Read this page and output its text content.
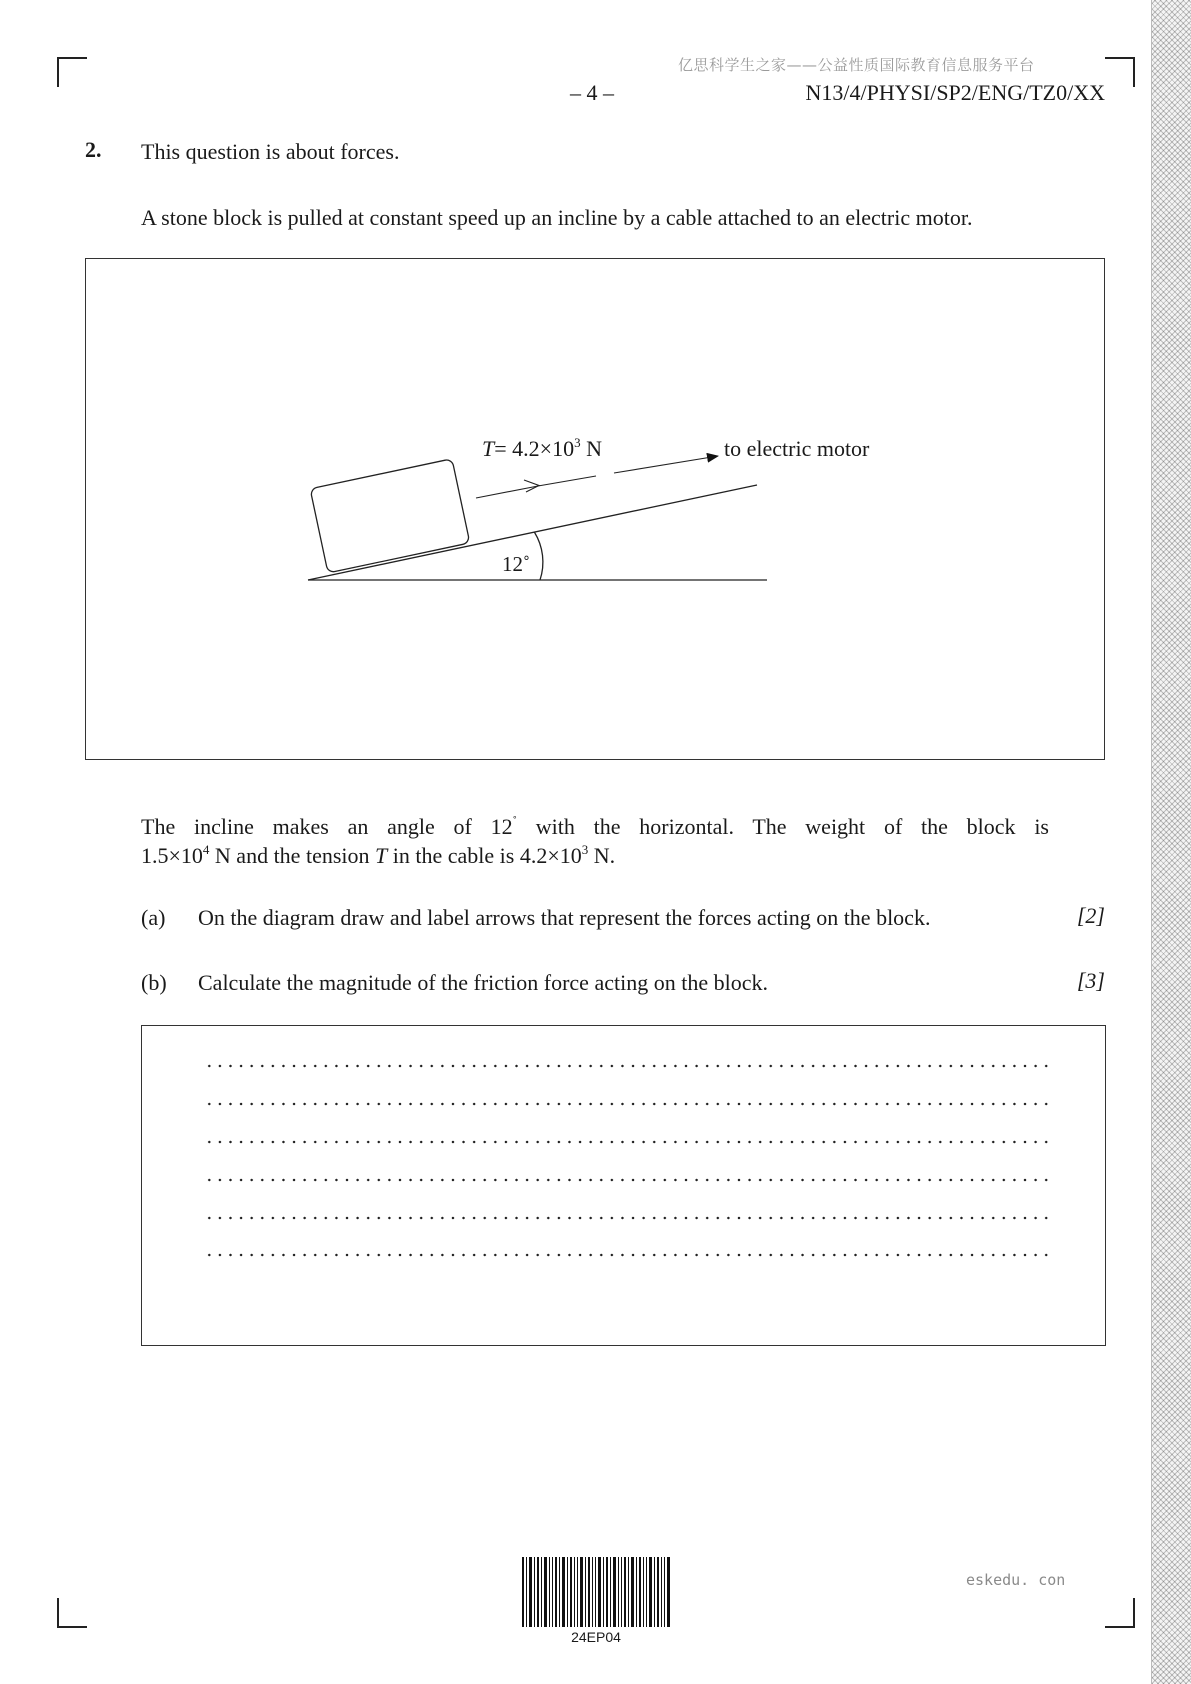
亿思科学生之家——公益性质国际教育信息服务平台
– 4 –	N13/4/PHYSI/SP2/ENG/TZ0/XX
2. This question is about forces.
A stone block is pulled at constant speed up an incline by a cable attached to an electric motor.
$T= 4.2\times 10^3$ N	to electric motor
12˚
The incline makes an angle of 12˚ with the horizontal. The weight of the block is
$1.5\times 10^4$ N and the tension T in the cable is $4.2\times 10^3$ N.
(a) On the diagram draw and label arrows that represent the forces acting on the block.	[2]
(b) Calculate the magnitude of the friction force acting on the block.	[3]
24EP04
eskedu. con
